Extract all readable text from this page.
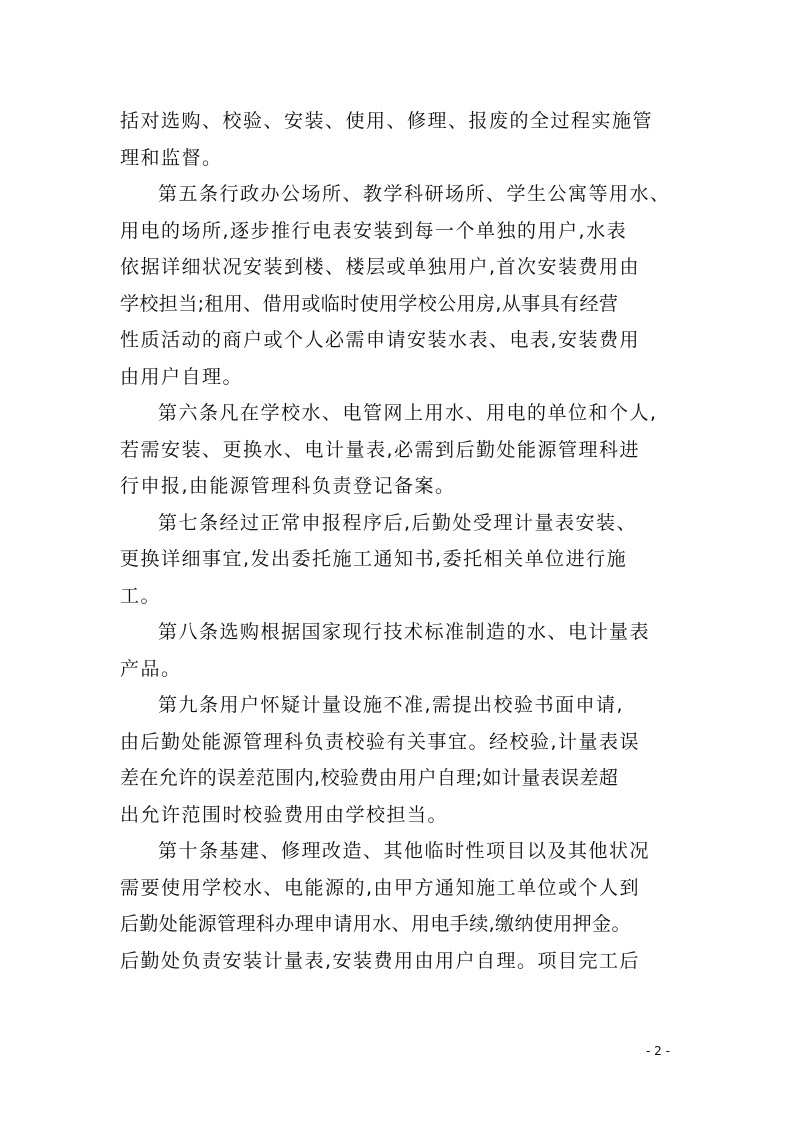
括对选购、校验、安装、使用、修理、报废的全过程实施管
理和监督。
第五条行政办公场所、教学科研场所、学生公寓等用水、
用电的场所,逐步推行电表安装到每一个单独的用户,水表
依据详细状况安装到楼、楼层或单独用户,首次安装费用由
学校担当;租用、借用或临时使用学校公用房,从事具有经营
性质活动的商户或个人必需申请安装水表、电表,安装费用
由用户自理。
第六条凡在学校水、电管网上用水、用电的单位和个人,
若需安装、更换水、电计量表,必需到后勤处能源管理科进
行申报,由能源管理科负责登记备案。
第七条经过正常申报程序后,后勤处受理计量表安装、
更换详细事宜,发出委托施工通知书,委托相关单位进行施
工。
第八条选购根据国家现行技术标准制造的水、电计量表
产品。
第九条用户怀疑计量设施不准,需提出校验书面申请,
由后勤处能源管理科负责校验有关事宜。经校验,计量表误
差在允许的误差范围内,校验费由用户自理;如计量表误差超
出允许范围时校验费用由学校担当。
第十条基建、修理改造、其他临时性项目以及其他状况
需要使用学校水、电能源的,由甲方通知施工单位或个人到
后勤处能源管理科办理申请用水、用电手续,缴纳使用押金。
后勤处负责安装计量表,安装费用由用户自理。项目完工后
- 2 -
